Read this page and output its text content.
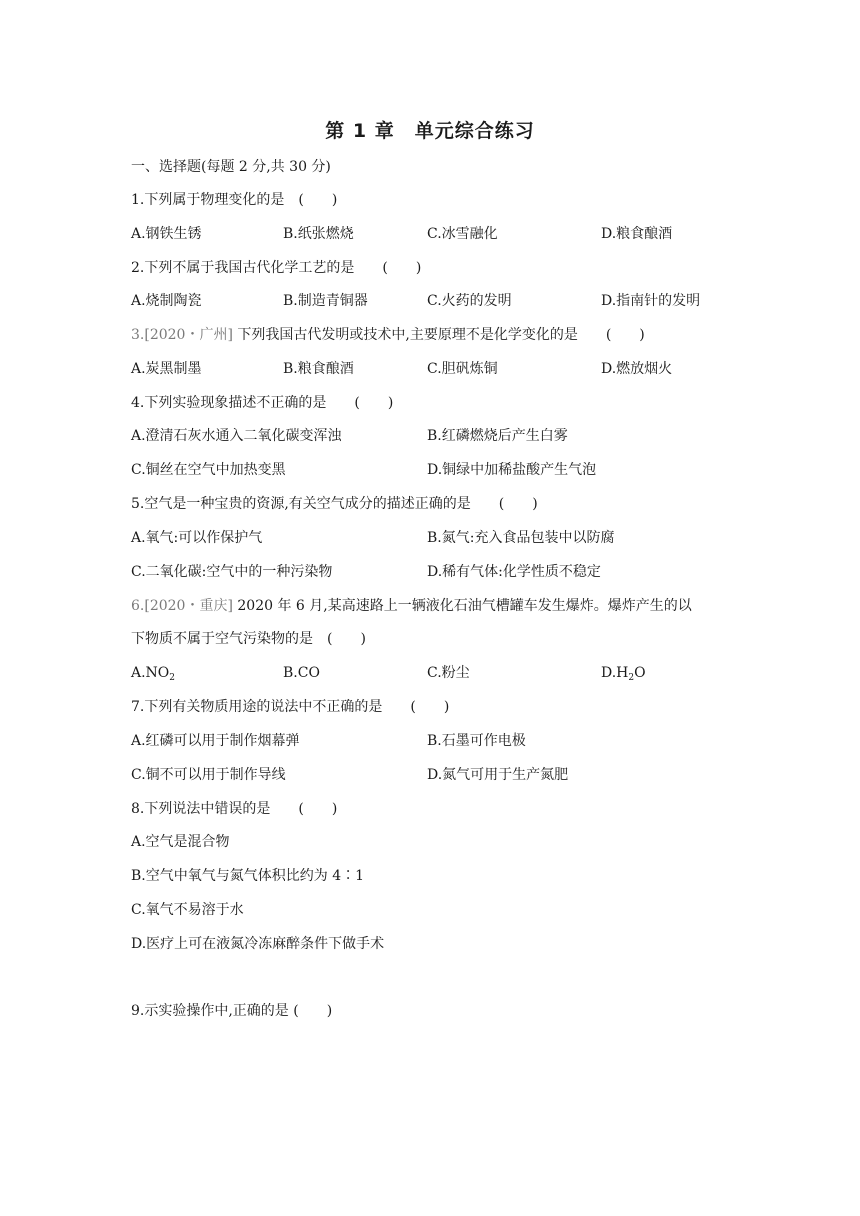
第 1 章　单元综合练习
一、选择题(每题 2 分,共 30 分)
1.下列属于物理变化的是　(　　)
A.钢铁生锈	B.纸张燃烧	C.冰雪融化	D.粮食酿酒
2.下列不属于我国古代化学工艺的是　　(　　)
A.烧制陶瓷	B.制造青铜器	C.火药的发明	D.指南针的发明
3.[2020・广州] 下列我国古代发明或技术中,主要原理不是化学变化的是　　(　　)
A.炭黑制墨	B.粮食酿酒	C.胆矾炼铜	D.燃放烟火
4.下列实验现象描述不正确的是　　(　　)
A.澄清石灰水通入二氧化碳变浑浊	B.红磷燃烧后产生白雾
C.铜丝在空气中加热变黑	D.铜绿中加稀盐酸产生气泡
5.空气是一种宝贵的资源,有关空气成分的描述正确的是　　(　　)
A.氧气:可以作保护气	B.氮气:充入食品包装中以防腐
C.二氧化碳:空气中的一种污染物	D.稀有气体:化学性质不稳定
6.[2020・重庆] 2020 年 6 月,某高速路上一辆液化石油气槽罐车发生爆炸。爆炸产生的以
下物质不属于空气污染物的是　(　　)
$A.NO_2$	B.CO	C.粉尘	$D.H_2O$
7.下列有关物质用途的说法中不正确的是　　(　　)
A.红磷可以用于制作烟幕弹	B.石墨可作电极
C.铜不可以用于制作导线	D.氮气可用于生产氮肥
8.下列说法中错误的是　　(　　)
A.空气是混合物
B.空气中氧气与氮气体积比约为 4∶1
C.氧气不易溶于水
D.医疗上可在液氮冷冻麻醉条件下做手术
9.示实验操作中,正确的是 (　　)
